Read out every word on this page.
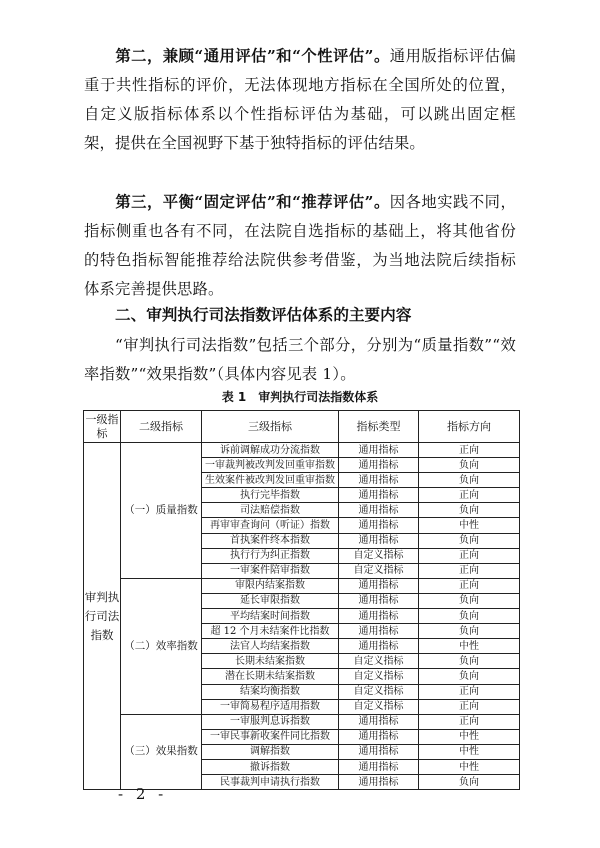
第二，兼顾“通用评估”和“个性评估”。通用版指标评估偏重于共性指标的评价，无法体现地方指标在全国所处的位置，自定义版指标体系以个性指标评估为基础，可以跳出固定框架，提供在全国视野下基于独特指标的评估结果。
第三，平衡“固定评估”和“推荐评估”。因各地实践不同，指标侧重也各有不同，在法院自选指标的基础上，将其他省份的特色指标智能推荐给法院供参考借鉴，为当地法院后续指标体系完善提供思路。
二、审判执行司法指数评估体系的主要内容
“审判执行司法指数”包括三个部分，分别为“质量指数”“效率指数”“效果指数”（具体内容见表 1）。
表 1　审判执行司法指数体系
一级指标	二级指标	三级指标	指标类型	指标方向
审判执行司法指数	（一）质量指数	诉前调解成功分流指数	通用指标	正向
		一审裁判被改判发回重审指数	通用指标	负向
		生效案件被改判发回重审指数	通用指标	负向
		执行完毕指数	通用指标	正向
		司法赔偿指数	通用指标	负向
		再审审查询问（听证）指数	通用指标	中性
		首执案件终本指数	通用指标	负向
		执行行为纠正指数	自定义指标	正向
		一审案件陪审指数	自定义指标	正向
	（二）效率指数	审限内结案指数	通用指标	正向
		延长审限指数	通用指标	负向
		平均结案时间指数	通用指标	负向
		超 12 个月未结案件比指数	通用指标	负向
		法官人均结案指数	通用指标	中性
		长期未结案指数	自定义指标	负向
		潜在长期未结案指数	自定义指标	负向
		结案均衡指数	自定义指标	正向
		一审简易程序适用指数	自定义指标	正向
	（三）效果指数	一审服判息诉指数	通用指标	正向
		一审民事新收案件同比指数	通用指标	中性
		调解指数	通用指标	中性
		撤诉指数	通用指标	中性
		民事裁判申请执行指数	通用指标	负向
- 2 -
